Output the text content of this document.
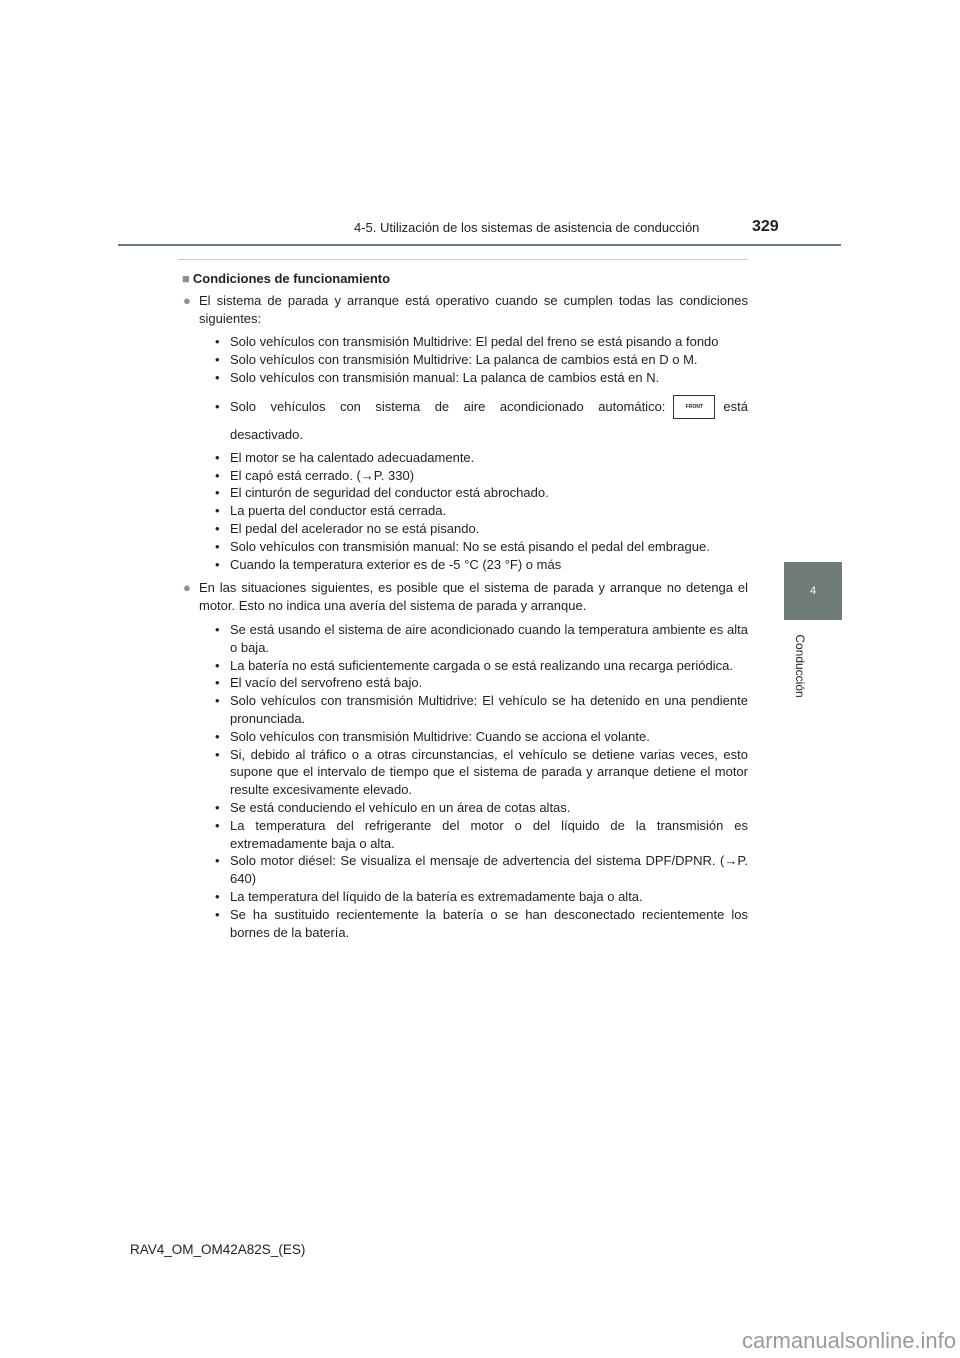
4-5. Utilización de los sistemas de asistencia de conducción	329
4
Conducción
■ Condiciones de funcionamiento
● El sistema de parada y arranque está operativo cuando se cumplen todas las condiciones siguientes:
• Solo vehículos con transmisión Multidrive: El pedal del freno se está pisando a fondo
• Solo vehículos con transmisión Multidrive: La palanca de cambios está en D o M.
• Solo vehículos con transmisión manual: La palanca de cambios está en N.
• Solo vehículos con sistema de aire acondicionado automático:	FRONT está desactivado.
• El motor se ha calentado adecuadamente.
• El capó está cerrado. (→P. 330)
• El cinturón de seguridad del conductor está abrochado.
• La puerta del conductor está cerrada.
• El pedal del acelerador no se está pisando.
• Solo vehículos con transmisión manual: No se está pisando el pedal del embrague.
• Cuando la temperatura exterior es de -5 °C (23 °F) o más
● En las situaciones siguientes, es posible que el sistema de parada y arranque no detenga el motor. Esto no indica una avería del sistema de parada y arranque.
• Se está usando el sistema de aire acondicionado cuando la temperatura ambiente es alta o baja.
• La batería no está suficientemente cargada o se está realizando una recarga periódica.
• El vacío del servofreno está bajo.
• Solo vehículos con transmisión Multidrive: El vehículo se ha detenido en una pendiente pronunciada.
• Solo vehículos con transmisión Multidrive: Cuando se acciona el volante.
• Si, debido al tráfico o a otras circunstancias, el vehículo se detiene varias veces, esto supone que el intervalo de tiempo que el sistema de parada y arranque detiene el motor resulte excesivamente elevado.
• Se está conduciendo el vehículo en un área de cotas altas.
• La temperatura del refrigerante del motor o del líquido de la transmisión es extremadamente baja o alta.
• Solo motor diésel: Se visualiza el mensaje de advertencia del sistema DPF/DPNR. (→P. 640)
• La temperatura del líquido de la batería es extremadamente baja o alta.
• Se ha sustituido recientemente la batería o se han desconectado recientemente los bornes de la batería.
RAV4_OM_OM42A82S_(ES)
carmanualsonline.info
